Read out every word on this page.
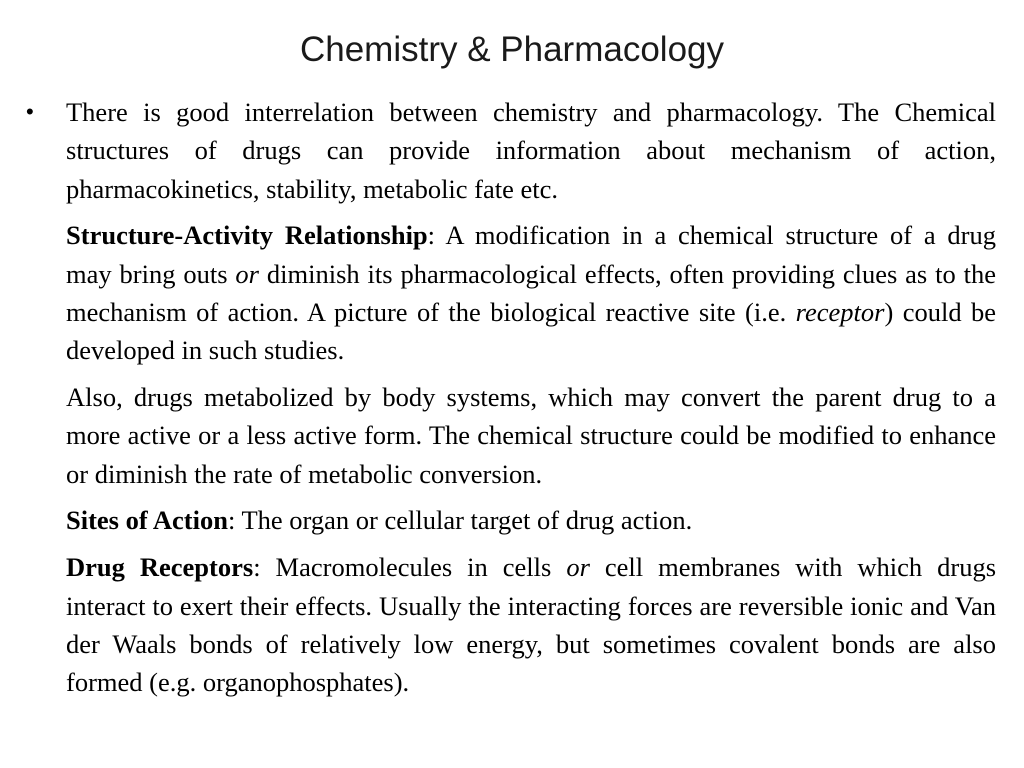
Chemistry & Pharmacology

• There is good interrelation between chemistry and pharmacology. The Chemical structures of drugs can provide information about mechanism of action, pharmacokinetics, stability, metabolic fate etc.

Structure-Activity Relationship: A modification in a chemical structure of a drug may bring outs or diminish its pharmacological effects, often providing clues as to the mechanism of action. A picture of the biological reactive site (i.e. receptor) could be developed in such studies.

Also, drugs metabolized by body systems, which may convert the parent drug to a more active or a less active form. The chemical structure could be modified to enhance or diminish the rate of metabolic conversion.

Sites of Action: The organ or cellular target of drug action.

Drug Receptors: Macromolecules in cells or cell membranes with which drugs interact to exert their effects. Usually the interacting forces are reversible ionic and Van der Waals bonds of relatively low energy, but sometimes covalent bonds are also formed (e.g. organophosphates).
